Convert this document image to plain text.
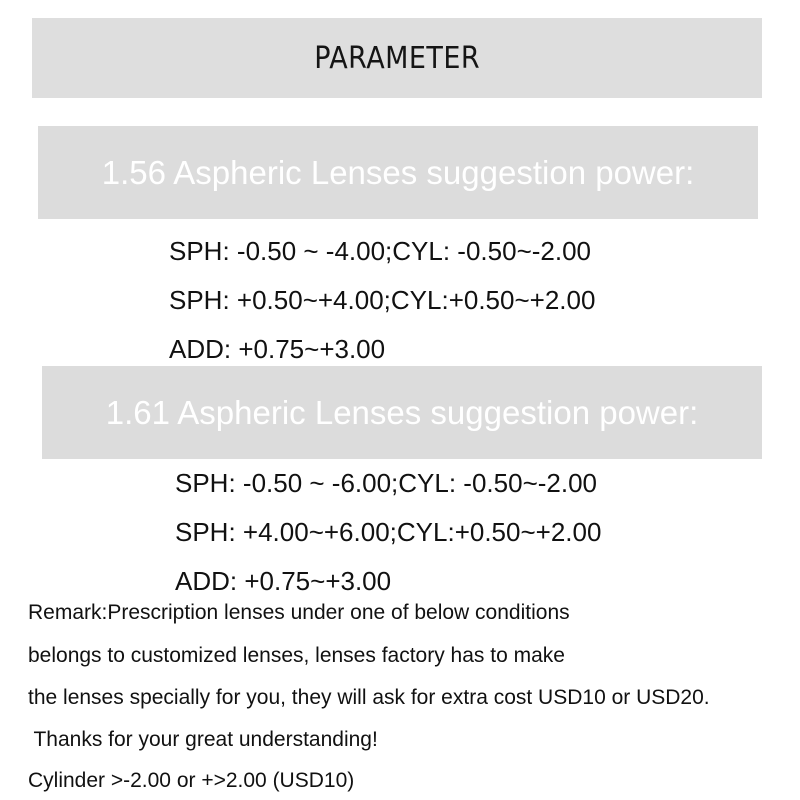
PARAMETER
1.56 Aspheric Lenses suggestion power:
SPH: -0.50 ~ -4.00;CYL: -0.50~-2.00
SPH: +0.50~+4.00;CYL:+0.50~+2.00
ADD: +0.75~+3.00
1.61 Aspheric Lenses suggestion power:
SPH: -0.50 ~ -6.00;CYL: -0.50~-2.00
SPH: +4.00~+6.00;CYL:+0.50~+2.00
ADD: +0.75~+3.00
Remark:Prescription lenses under one of below conditions
belongs to customized lenses, lenses factory has to make
the lenses specially for you, they will ask for extra cost USD10 or USD20.
Thanks for your great understanding!
Cylinder >-2.00 or +>2.00 (USD10)
